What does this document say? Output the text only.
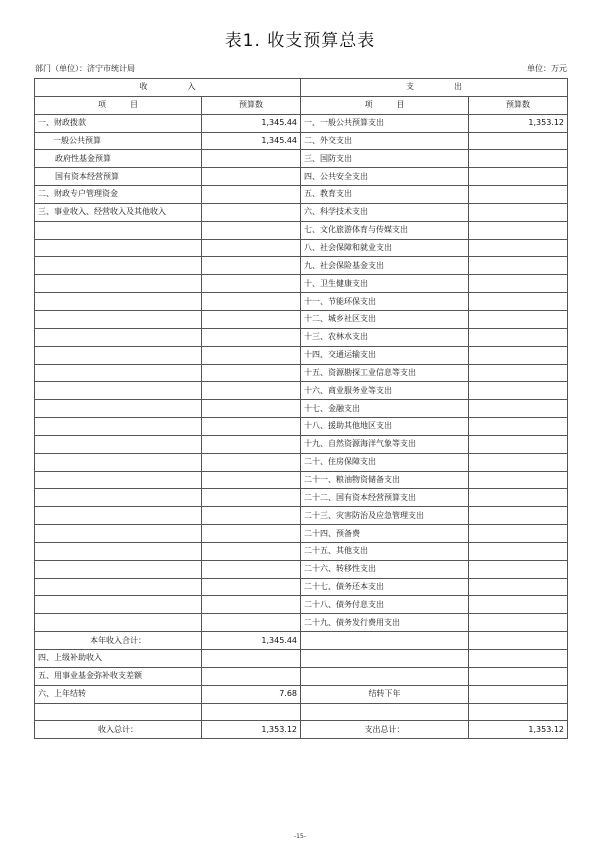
表1. 收支预算总表
部门（单位）：济宁市统计局	单位：万元
收　　　　　入		支　　　　　出	
项　　　目	预算数	项　　　目	预算数
一、财政拨款	1,345.44	一、一般公共预算支出	1,353.12
一般公共预算	1,345.44	二、外交支出	
政府性基金预算		三、国防支出	
国有资本经营预算		四、公共安全支出	
二、财政专户管理资金		五、教育支出	
三、事业收入、经营收入及其他收入		六、科学技术支出	
		七、文化旅游体育与传媒支出	
		八、社会保障和就业支出	
		九、社会保险基金支出	
		十、卫生健康支出	
		十一、节能环保支出	
		十二、城乡社区支出	
		十三、农林水支出	
		十四、交通运输支出	
		十五、资源勘探工业信息等支出	
		十六、商业服务业等支出	
		十七、金融支出	
		十八、援助其他地区支出	
		十九、自然资源海洋气象等支出	
		二十、住房保障支出	
		二十一、粮油物资储备支出	
		二十二、国有资本经营预算支出	
		二十三、灾害防治及应急管理支出	
		二十四、预备费	
		二十五、其他支出	
		二十六、转移性支出	
		二十七、债务还本支出	
		二十八、债务付息支出	
		二十九、债务发行费用支出	
本年收入合计：	1,345.44		
四、上级补助收入			
五、用事业基金弥补收支差额			
六、上年结转	7.68	结转下年	

收入总计：	1,353.12	支出总计：	1,353.12
-15-
